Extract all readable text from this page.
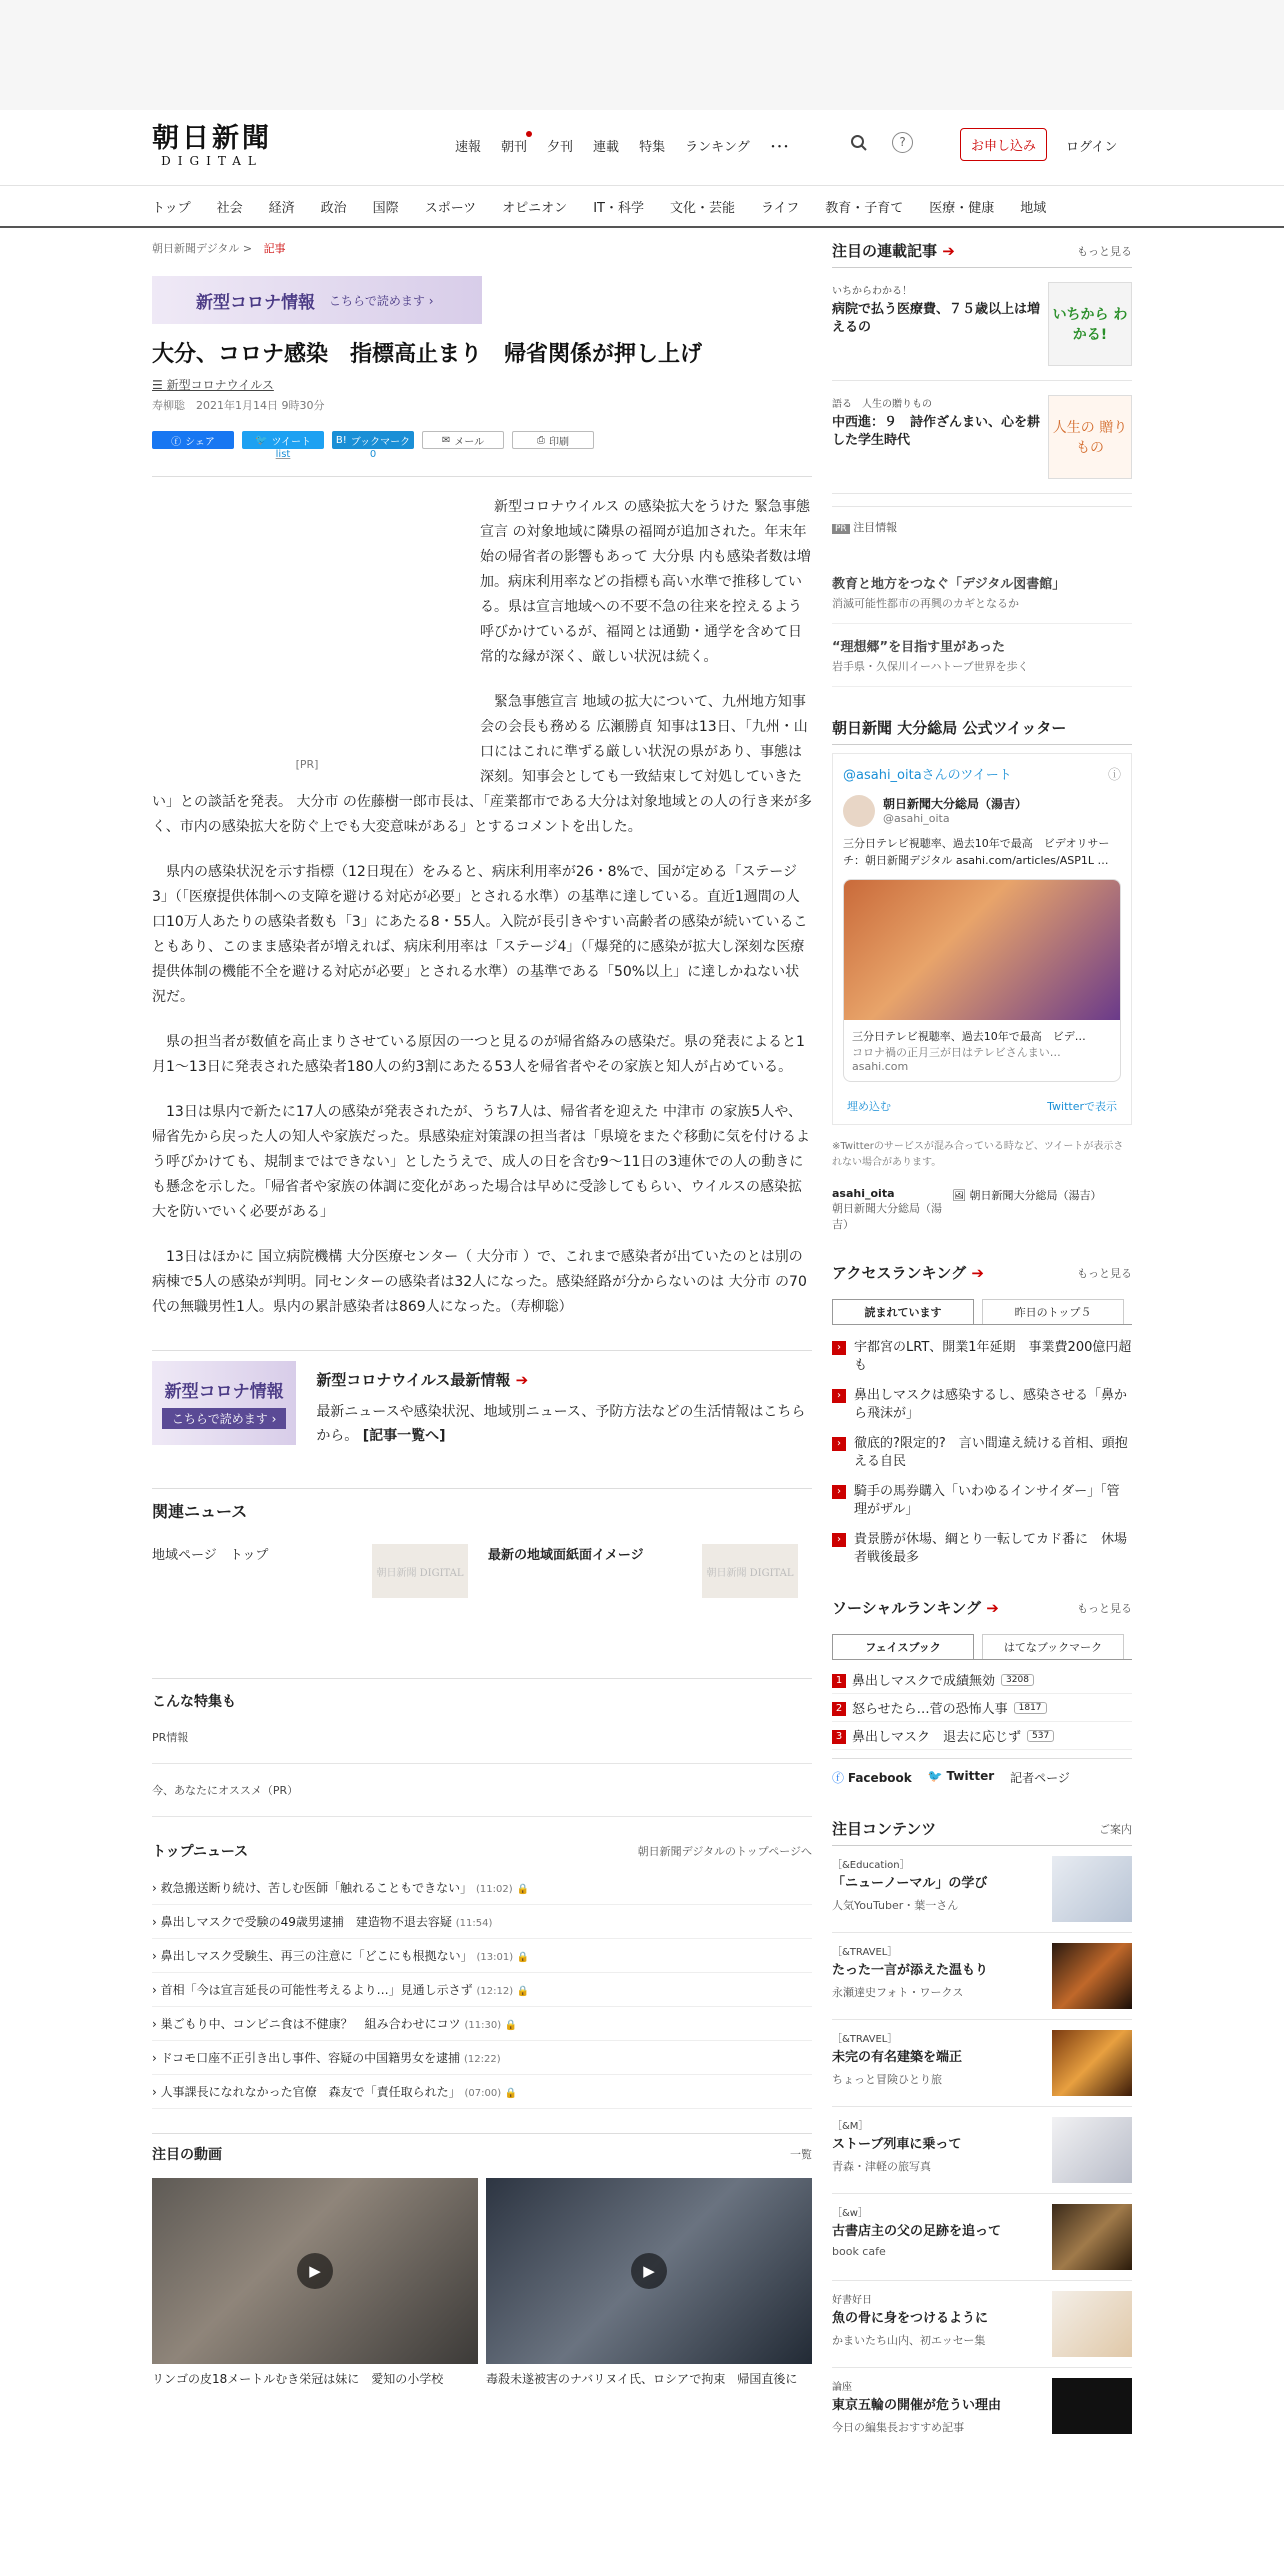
朝日新聞
DIGITAL
速報 朝刊 夕刊 連載 特集 ランキング ･･･	?	お申し込み	ログイン
トップ 社会 経済 政治 国際 スポーツ オピニオン IT・科学 文化・芸能 ライフ 教育・子育て 医療・健康 地域
朝日新聞デジタル > 記事
新型コロナ情報 こちらで読めます ›
大分、コロナ感染　指標高止まり　帰省関係が押し上げ
☰ 新型コロナウイルス
寿柳聡　2021年1月14日 9時30分
ⓕ シェア	🐦 ツイート
list
B! ブックマーク
0
✉ メール	⎙ 印刷
[PR]

新型コロナウイルス の感染拡大をうけた 緊急事態宣言 の対象地域に隣県の福岡が追加された。年末年始の帰省者の影響もあって 大分県 内も感染者数は増加。病床利用率などの指標も高い水準で推移している。県は宣言地域への不要不急の往来を控えるよう呼びかけているが、福岡とは通勤・通学を含めて日常的な縁が深く、厳しい状況は続く。

緊急事態宣言 地域の拡大について、九州地方知事会の会長も務める 広瀬勝貞 知事は13日、「九州・山口にはこれに準ずる厳しい状況の県があり、事態は深刻。知事会としても一致結束して対処していきたい」との談話を発表。 大分市 の佐藤樹一郎市長は、「産業都市である大分は対象地域との人の行き来が多く、市内の感染拡大を防ぐ上でも大変意味がある」とするコメントを出した。

県内の感染状況を示す指標（12日現在）をみると、病床利用率が26・8%で、国が定める「ステージ3」（「医療提供体制への支障を避ける対応が必要」とされる水準）の基準に達している。直近1週間の人口10万人あたりの感染者数も「3」にあたる8・55人。入院が長引きやすい高齢者の感染が続いていることもあり、このまま感染者が増えれば、病床利用率は「ステージ4」（「爆発的に感染が拡大し深刻な医療提供体制の機能不全を避ける対応が必要」とされる水準）の基準である「50%以上」に達しかねない状況だ。

県の担当者が数値を高止まりさせている原因の一つと見るのが帰省絡みの感染だ。県の発表によると1月1～13日に発表された感染者180人の約3割にあたる53人を帰省者やその家族と知人が占めている。

13日は県内で新たに17人の感染が発表されたが、うち7人は、帰省者を迎えた 中津市 の家族5人や、帰省先から戻った人の知人や家族だった。県感染症対策課の担当者は「県境をまたぐ移動に気を付けるよう呼びかけても、規制まではできない」としたうえで、成人の日を含む9～11日の3連休での人の動きにも懸念を示した。「帰省者や家族の体調に変化があった場合は早めに受診してもらい、ウイルスの感染拡大を防いでいく必要がある」

13日はほかに 国立病院機構 大分医療センター（ 大分市 ）で、これまで感染者が出ていたのとは別の病棟で5人の感染が判明。同センターの感染者は32人になった。感染経路が分からないのは 大分市 の70代の無職男性1人。県内の累計感染者は869人になった。（寿柳聡）

新型コロナ情報
こちらで読めます ›
新型コロナウイルス最新情報 ➔

最新ニュースや感染状況、地域別ニュース、予防方法などの生活情報はこちらから。 [記事一覧へ]

関連ニュース
地域ページ　トップ
朝日新聞 DIGITAL
最新の地域面紙面イメージ
朝日新聞 DIGITAL
こんな特集も
PR情報
今、あなたにオススメ（PR）
トップニュース	朝日新聞デジタルのトップページへ
› 救急搬送断り続け、苦しむ医師「触れることもできない」 (11:02) 🔒
› 鼻出しマスクで受験の49歳男逮捕　建造物不退去容疑 (11:54)
› 鼻出しマスク受験生、再三の注意に「どこにも根拠ない」 (13:01) 🔒
› 首相「今は宣言延長の可能性考えるより…」見通し示さず (12:12) 🔒
› 巣ごもり中、コンビニ食は不健康？　組み合わせにコツ (11:30) 🔒
› ドコモ口座不正引き出し事件、容疑の中国籍男女を逮捕 (12:22)
› 人事課長になれなかった官僚　森友で「責任取られた」 (07:00) 🔒
注目の動画	一覧
▶
リンゴの皮18メートルむき栄冠は妹に　愛知の小学校
▶
毒殺未遂被害のナバリヌイ氏、ロシアで拘束　帰国直後に
注目の連載記事 ➔	もっと見る
いちからわかる！
病院で払う医療費、７５歳以上は増えるの
いちから わかる!
語る　人生の贈りもの
中西進：９　詩作ざんまい、心を耕した学生時代
人生の 贈りもの
PR 注目情報
教育と地方をつなぐ「デジタル図書館」
消滅可能性都市の再興のカギとなるか
“理想郷”を目指す里があった
岩手県・久保川イーハトーブ世界を歩く
朝日新聞 大分総局 公式ツイッター
@asahi_oitaさんのツイート	ⓘ
朝日新聞大分総局（湯吉）
@asahi_oita
三分日テレビ視聴率、過去10年で最高　ビデオリサーチ：朝日新聞デジタル asahi.com/articles/ASP1L …
三分日テレビ視聴率、過去10年で最高　ビデ…
コロナ禍の正月三が日はテレビさんまい…
asahi.com
埋め込む	Twitterで表示
※Twitterのサービスが混み合っている時など、ツイートが表示されない場合があります。
asahi_oita
朝日新聞大分総局（湯吉）
🖼 朝日新聞大分総局（湯吉）
アクセスランキング ➔	もっと見る
読まれています	昨日のトップ５
›	宇都宮のLRT、開業1年延期　事業費200億円超も
›	鼻出しマスクは感染するし、感染させる「鼻から飛沫が」
›	徹底的?限定的?　言い間違え続ける首相、頭抱える自民
›	騎手の馬券購入「いわゆるインサイダー」「管理がザル」
›	貴景勝が休場、綱とり一転してカド番に　休場者戦後最多
ソーシャルランキング ➔	もっと見る
フェイスブック	はてなブックマーク
1 鼻出しマスクで成績無効	3208
2 怒らせたら…菅の恐怖人事	1817
3 鼻出しマスク　退去に応じず	537
ⓕ Facebook 🐦 Twitter 記者ページ
注目コンテンツ	ご案内
［&Education］
「ニューノーマル」の学び
人気YouTuber・葉一さん
［&TRAVEL］
たった一言が添えた温もり
永瀬達史フォト・ワークス
［&TRAVEL］
未完の有名建築を端正
ちょっと冒険ひとり旅
［&M］
ストーブ列車に乗って
青森・津軽の旅写真
［&w］
古書店主の父の足跡を追って
book cafe
好書好日
魚の骨に身をつけるように
かまいたち山内、初エッセー集
論座
東京五輪の開催が危うい理由
今日の編集長おすすめ記事
